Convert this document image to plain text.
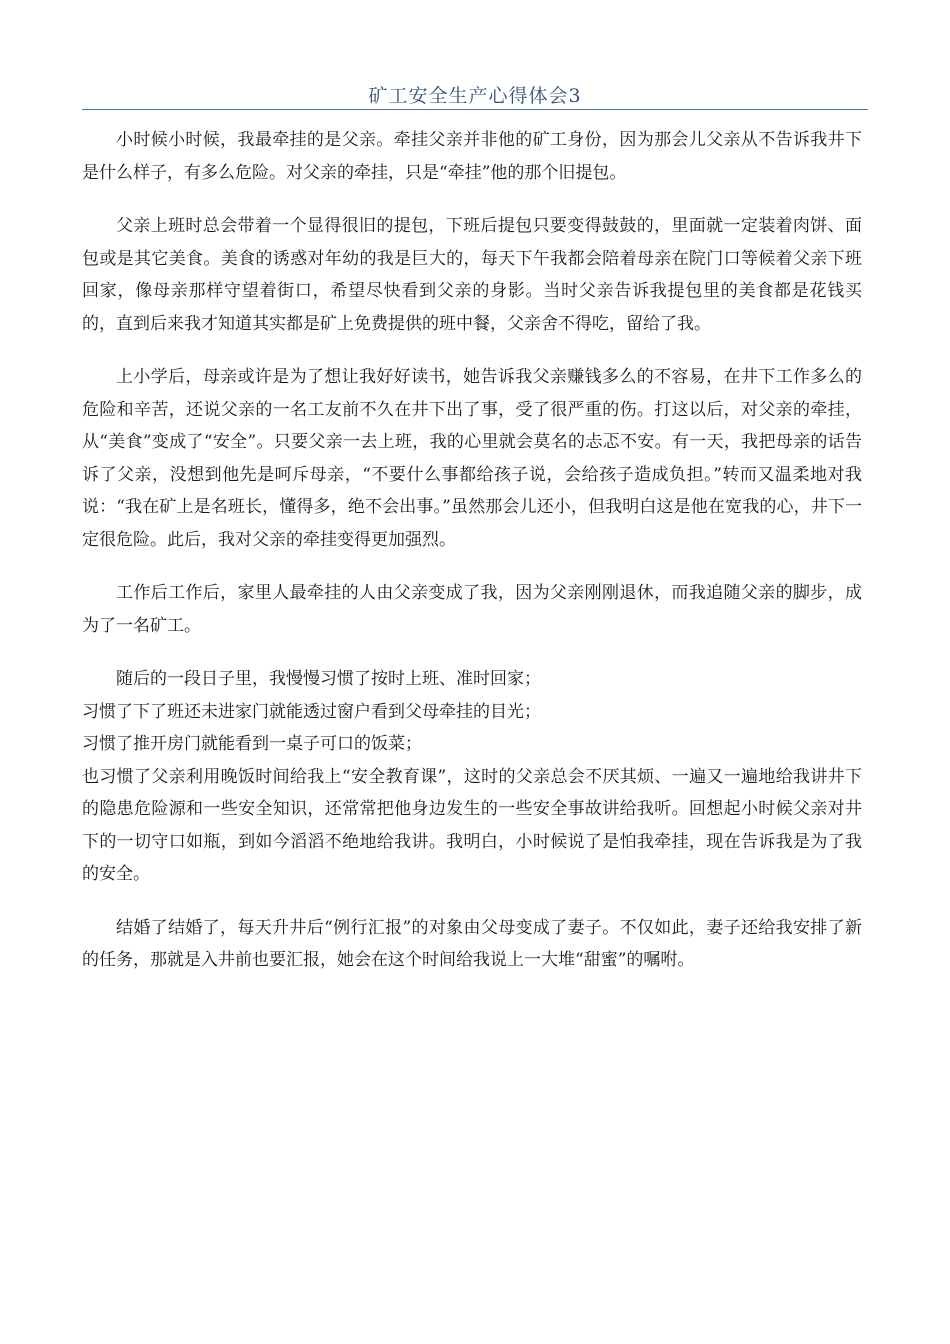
矿工安全生产心得体会3

小时候小时候，我最牵挂的是父亲。牵挂父亲并非他的矿工身份，因为那会儿父亲从不告诉我井下是什么样子，有多么危险。对父亲的牵挂，只是“牵挂”他的那个旧提包。

父亲上班时总会带着一个显得很旧的提包，下班后提包只要变得鼓鼓的，里面就一定装着肉饼、面包或是其它美食。美食的诱惑对年幼的我是巨大的，每天下午我都会陪着母亲在院门口等候着父亲下班回家，像母亲那样守望着街口，希望尽快看到父亲的身影。当时父亲告诉我提包里的美食都是花钱买的，直到后来我才知道其实都是矿上免费提供的班中餐，父亲舍不得吃，留给了我。

上小学后，母亲或许是为了想让我好好读书，她告诉我父亲赚钱多么的不容易，在井下工作多么的危险和辛苦，还说父亲的一名工友前不久在井下出了事，受了很严重的伤。打这以后，对父亲的牵挂，从“美食”变成了“安全”。只要父亲一去上班，我的心里就会莫名的忐忑不安。有一天，我把母亲的话告诉了父亲，没想到他先是呵斥母亲，“不要什么事都给孩子说，会给孩子造成负担。”转而又温柔地对我说：“我在矿上是名班长，懂得多，绝不会出事。”虽然那会儿还小，但我明白这是他在宽我的心，井下一定很危险。此后，我对父亲的牵挂变得更加强烈。

工作后工作后，家里人最牵挂的人由父亲变成了我，因为父亲刚刚退休，而我追随父亲的脚步，成为了一名矿工。

随后的一段日子里，我慢慢习惯了按时上班、准时回家；

习惯了下了班还未进家门就能透过窗户看到父母牵挂的目光；

习惯了推开房门就能看到一桌子可口的饭菜；

也习惯了父亲利用晚饭时间给我上“安全教育课”，这时的父亲总会不厌其烦、一遍又一遍地给我讲井下的隐患危险源和一些安全知识，还常常把他身边发生的一些安全事故讲给我听。回想起小时候父亲对井下的一切守口如瓶，到如今滔滔不绝地给我讲。我明白，小时候说了是怕我牵挂，现在告诉我是为了我的安全。

结婚了结婚了，每天升井后“例行汇报”的对象由父母变成了妻子。不仅如此，妻子还给我安排了新的任务，那就是入井前也要汇报，她会在这个时间给我说上一大堆“甜蜜”的嘱咐。
